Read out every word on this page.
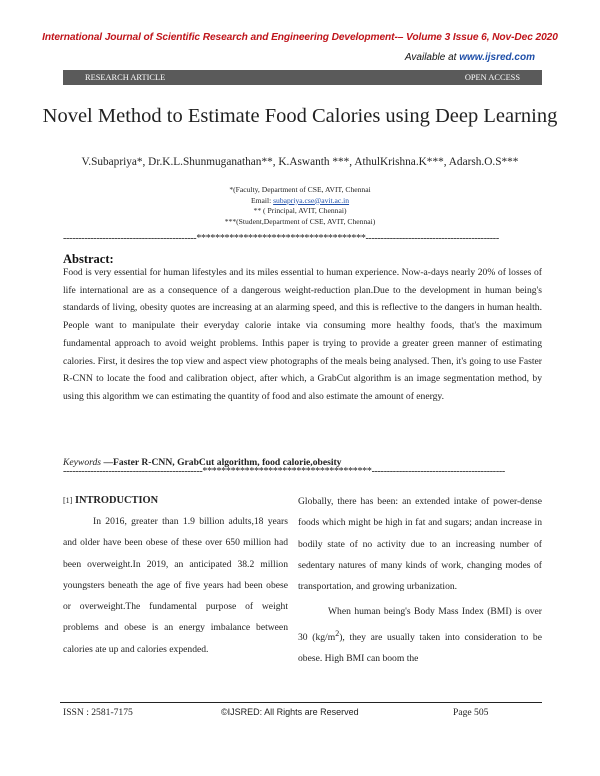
International Journal of Scientific Research and Engineering Development-– Volume 3 Issue 6, Nov-Dec 2020
Available at www.ijsred.com
RESEARCH ARTICLE	OPEN ACCESS
Novel Method to Estimate Food Calories using Deep Learning
V.Subapriya*, Dr.K.L.Shunmuganathan**, K.Aswanth ***, AthulKrishna.K***, Adarsh.O.S***
*(Faculty, Department of CSE, AVIT, Chennai
Email: subapriya.cse@avit.ac.in
** ( Principal, AVIT, Chennai)
***(Student,Department of CSE, AVIT, Chennai)
--------------------------------------------************************************--------------------------------------------
Abstract:
Food is very essential for human lifestyles and its miles essential to human experience. Now-a-days nearly 20% of losses of life international are as a consequence of a dangerous weight-reduction plan.Due to the development in human being's standards of living, obesity quotes are increasing at an alarming speed, and this is reflective to the dangers in human health. People want to manipulate their everyday calorie intake via consuming more healthy foods, that's the maximum fundamental approach to avoid weight problems. Inthis paper is trying to provide a greater green manner of estimating calories. First, it desires the top view and aspect view photographs of the meals being analysed. Then, it's going to use Faster R-CNN to locate the food and calibration object, after which, a GrabCut algorithm is an image segmentation method, by using this algorithm we can estimating the quantity of food and also estimate the amount of energy.
Keywords —Faster R-CNN, GrabCut algorithm, food calorie,obesity
----------------------------------------------************************************--------------------------------------------
[1] INTRODUCTION
In 2016, greater than 1.9 billion adults,18 years and older have been obese of these over 650 million had been overweight.In 2019, an anticipated 38.2 million youngsters beneath the age of five years had been obese or overweight.The fundamental purpose of weight problems and obese is an energy imbalance between calories ate up and calories expended.
Globally, there has been: an extended intake of power-dense foods which might be high in fat and sugars; andan increase in bodily state of no activity due to an increasing number of sedentary natures of many kinds of work, changing modes of transportation, and growing urbanization.
When human being's Body Mass Index (BMI) is over 30 $(kg/m^2)$, they are usually taken into consideration to be obese. High BMI can boom the
ISSN : 2581-7175	©IJSRED: All Rights are Reserved	Page 505
